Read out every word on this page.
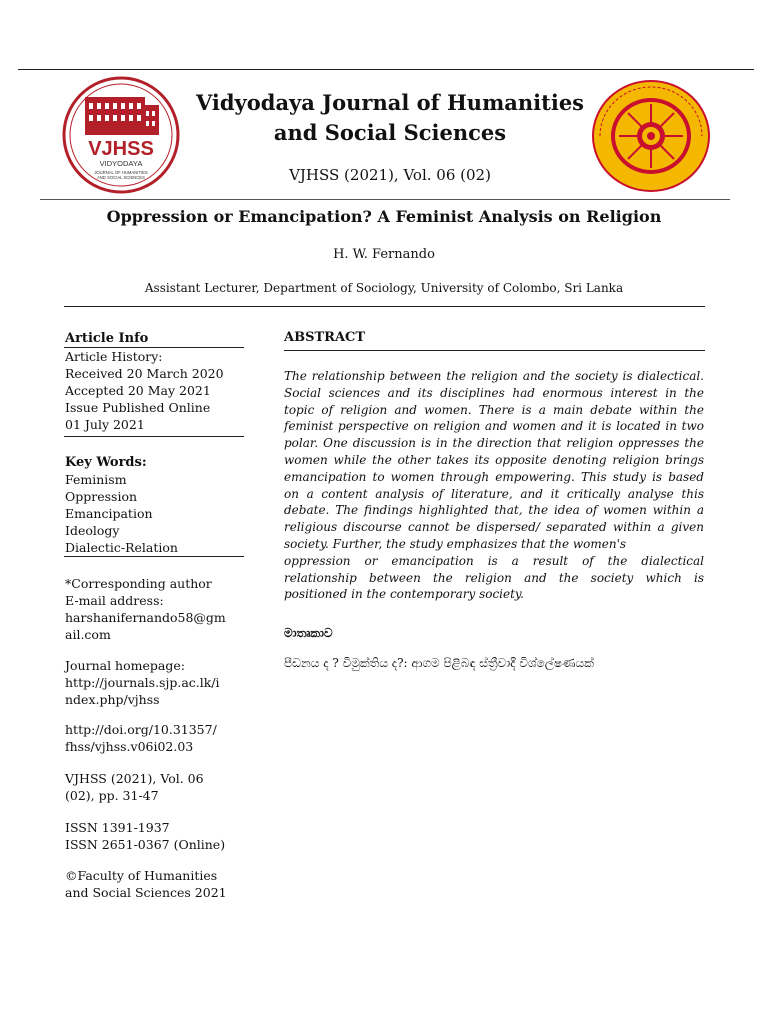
VJHSS
VIDYODAYA
JOURNAL OF HUMANITIES
AND SOCIAL SCIENCES
Vidyodaya Journal of Humanities
and Social Sciences
VJHSS (2021), Vol. 06 (02)
Oppression or Emancipation? A Feminist Analysis on Religion
H. W. Fernando
Assistant Lecturer, Department of Sociology, University of Colombo, Sri Lanka
Article Info
Article History:
Received 20 March 2020
Accepted 20 May 2021
Issue Published Online
01 July 2021
Key Words:
Feminism
Oppression
Emancipation
Ideology
Dialectic-Relation
*Corresponding author
E-mail address:
harshanifernando58@gm
ail.com
Journal homepage:
http://journals.sjp.ac.lk/i
ndex.php/vjhss
http://doi.org/10.31357/
fhss/vjhss.v06i02.03
VJHSS (2021), Vol. 06
(02), pp. 31-47
ISSN 1391-1937
ISSN 2651-0367 (Online)
©Faculty of Humanities
and Social Sciences 2021
ABSTRACT
The relationship between the religion and the society is dialectical.
Social sciences and its disciplines had enormous interest in the
topic of religion and women. There is a main debate within the
feminist perspective on religion and women and it is located in two
polar. One discussion is in the direction that religion oppresses the
women while the other takes its opposite denoting religion brings
emancipation to women through empowering. This study is based
on a content analysis of literature, and it critically analyse this
debate. The findings highlighted that, the idea of women within a
religious discourse cannot be dispersed/ separated within a given
society. Further, the study emphasizes that the women's
oppression or emancipation is a result of the dialectical
relationship between the religion and the society which is
positioned in the contemporary society.
මාතෘකාව
පීඩනය ද ? විමුක්තිය ද?: ආගම පිළිබඳ ස්ත්‍රීවාදී විශ්ලේෂණයක්
